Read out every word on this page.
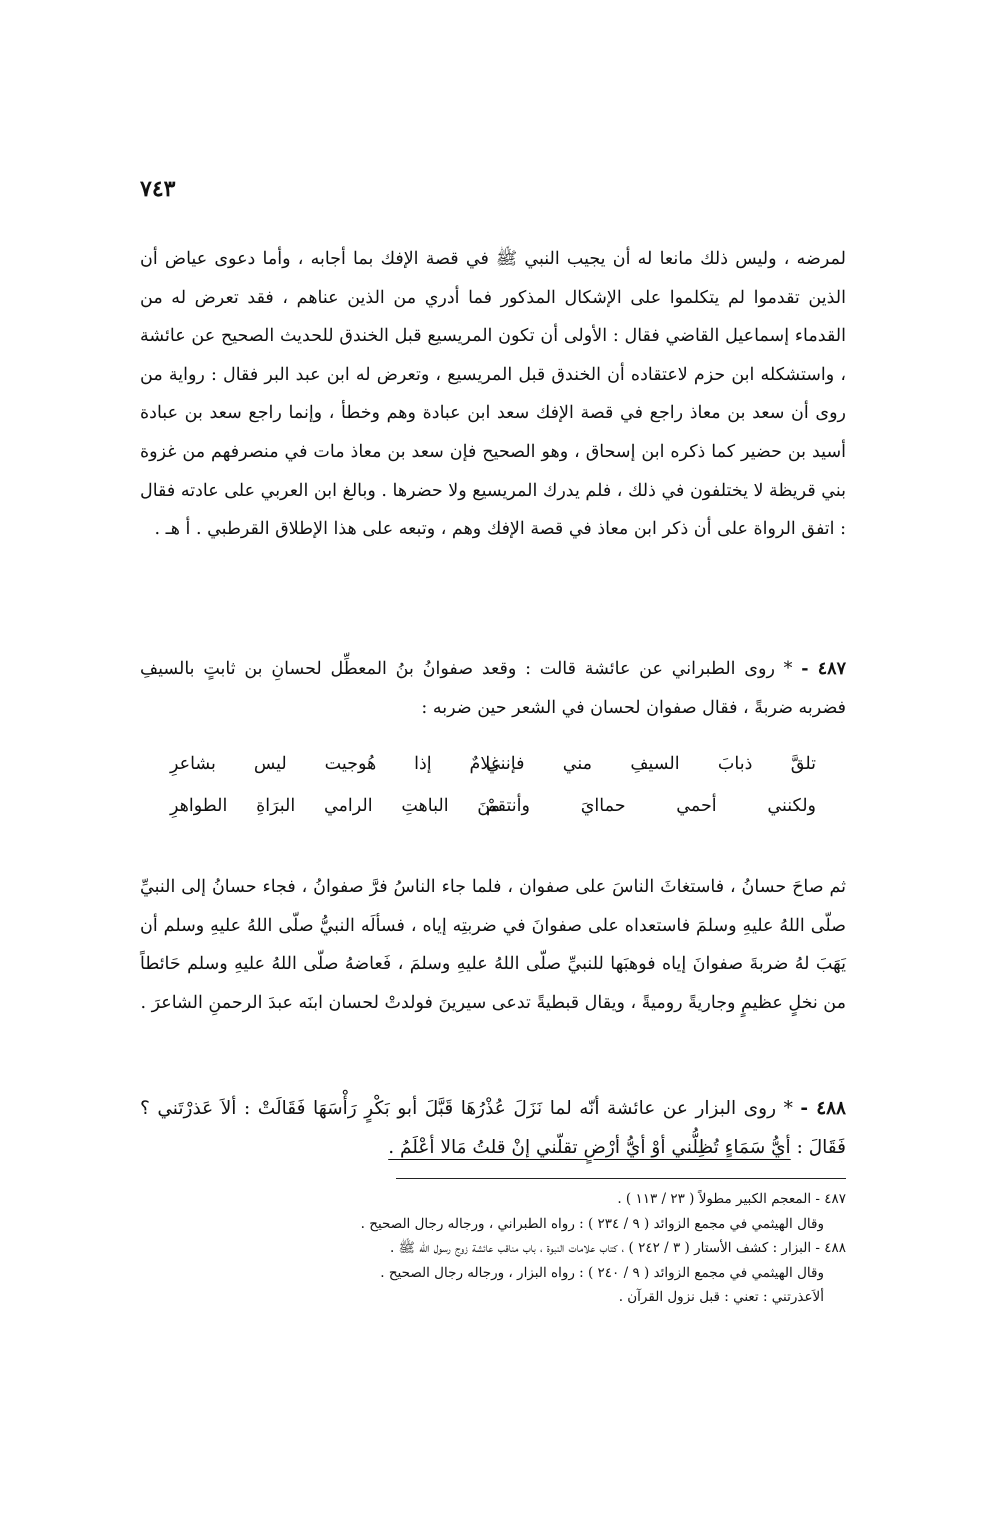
٧٤٣

لمرضه ، وليس ذلك مانعا له أن يجيب النبي ﷺ في قصة الإفك بما أجابه ، وأما دعوى عياض أن الذين تقدموا لم يتكلموا على الإشكال المذكور فما أدري من الذين عناهم ، فقد تعرض له من القدماء إسماعيل القاضي فقال : الأولى أن تكون المريسيع قبل الخندق للحديث الصحيح عن عائشة ، واستشكله ابن حزم لاعتقاده أن الخندق قبل المريسيع ، وتعرض له ابن عبد البر فقال : رواية من روى أن سعد بن معاذ راجع في قصة الإفك سعد ابن عبادة وهم وخطأ ، وإنما راجع سعد بن عبادة أسيد بن حضير كما ذكره ابن إسحاق ، وهو الصحيح فإن سعد بن معاذ مات في منصرفهم من غزوة بني قريظة لا يختلفون في ذلك ، فلم يدرك المريسيع ولا حضرها . وبالغ ابن العربي على عادته فقال : اتفق الرواة على أن ذكر ابن معاذ في قصة الإفك وهم ، وتبعه على هذا الإطلاق القرطبي . أ هـ .

٤٨٧ - * روى الطبراني عن عائشة قالت : وقعد صفوانُ بنُ المعطِّل لحسانِ بن ثابتٍ بالسيفِ فضربه ضربةً ، فقال صفوان لحسان في الشعر حين ضربه :

تلقَّ ذبابَ السيفِ مني فإنني
غلامٌ إذا هُوجيت ليس بشاعرِ
ولكنني أحمي حماايَ وأنتقمْ
منَ الباهتِ الرامي البرَاةِ الطواهرِ

ثم صاحَ حسانُ ، فاستغاثَ الناسَ على صفوان ، فلما جاء الناسُ فرَّ صفوانُ ، فجاء حسانُ إلى النبيِّ صلّى اللهُ عليهِ وسلمَ فاستعداه على صفوانَ في ضربتِه إياه ، فسألَه النبيُّ صلّى اللهُ عليهِ وسلم أن يَهَبَ لهُ ضربةَ صفوانَ إياه فوهبَها للنبيِّ صلّى اللهُ عليهِ وسلمَ ، فَعاضهُ صلّى اللهُ عليهِ وسلم حَائطاً من نخلٍ عظيمٍ وجاريةً روميةً ، ويقال قبطيةً تدعى سيرينَ فولدتْ لحسان ابنَه عبدَ الرحمنِ الشاعرَ .

٤٨٨ - * روى البزار عن عائشة أنّه لما نَزَلَ عُذْرُهَا قَبَّلَ أبو بَكْرٍ رَأْسَهَا فَقَالَتْ : ألاَ عَذرْتَني ؟ فَقَالَ : أيُّ سَمَاءٍ تُظِلُّني أوْ أيُّ أرْضٍ تقلّني إنْ قلتُ مَالا أعْلَمُ .

٤٨٧ - المعجم الكبير مطولاً ( ٢٣ / ١١٣ ) .

وقال الهيثمي في مجمع الزوائد ( ٩ / ٢٣٤ ) : رواه الطبراني ، ورجاله رجال الصحيح .

٤٨٨ - البزار : كشف الأستار ( ٣ / ٢٤٢ ) ، كتاب علامات النبوة ، باب مناقب عائشة زوج رسول الله ﷺ .

وقال الهيثمي في مجمع الزوائد ( ٩ / ٢٤٠ ) : رواه البزار ، ورجاله رجال الصحيح .

ألاَعذرتني : تعني : قبل نزول القرآن .
